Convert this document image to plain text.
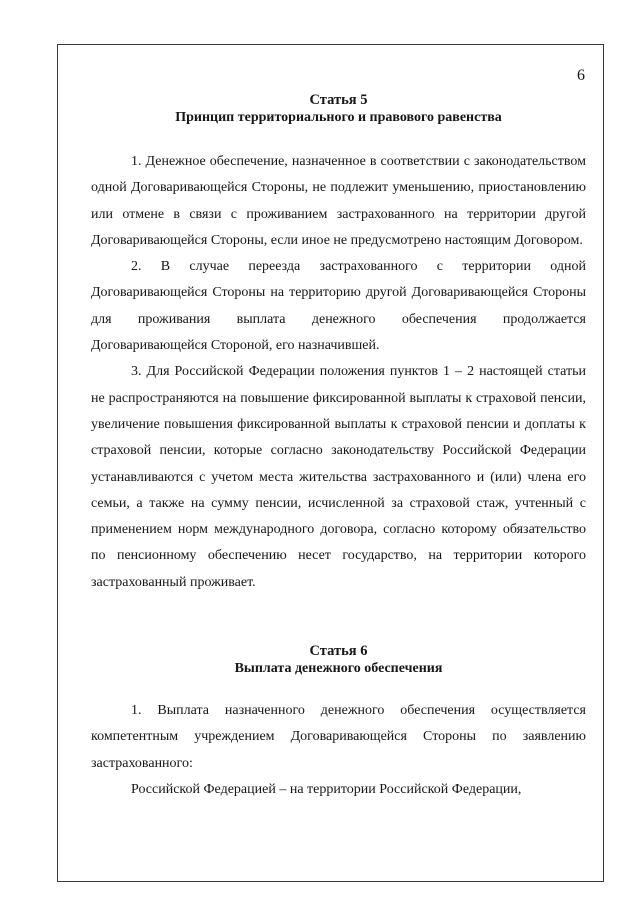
6
Статья 5
Принцип территориального и правового равенства

1. Денежное обеспечение, назначенное в соответствии с законодательством одной Договаривающейся Стороны, не подлежит уменьшению, приостановлению или отмене в связи с проживанием застрахованного на территории другой Договаривающейся Стороны, если иное не предусмотрено настоящим Договором.

2. В случае переезда застрахованного с территории одной Договаривающейся Стороны на территорию другой Договаривающейся Стороны для проживания выплата денежного обеспечения продолжается Договаривающейся Стороной, его назначившей.

3. Для Российской Федерации положения пунктов 1 – 2 настоящей статьи не распространяются на повышение фиксированной выплаты к страховой пенсии, увеличение повышения фиксированной выплаты к страховой пенсии и доплаты к страховой пенсии, которые согласно законодательству Российской Федерации устанавливаются с учетом места жительства застрахованного и (или) члена его семьи, а также на сумму пенсии, исчисленной за страховой стаж, учтенный с применением норм международного договора, согласно которому обязательство по пенсионному обеспечению несет государство, на территории которого застрахованный проживает.

Статья 6
Выплата денежного обеспечения

1. Выплата назначенного денежного обеспечения осуществляется компетентным учреждением Договаривающейся Стороны по заявлению застрахованного:

Российской Федерацией – на территории Российской Федерации,
